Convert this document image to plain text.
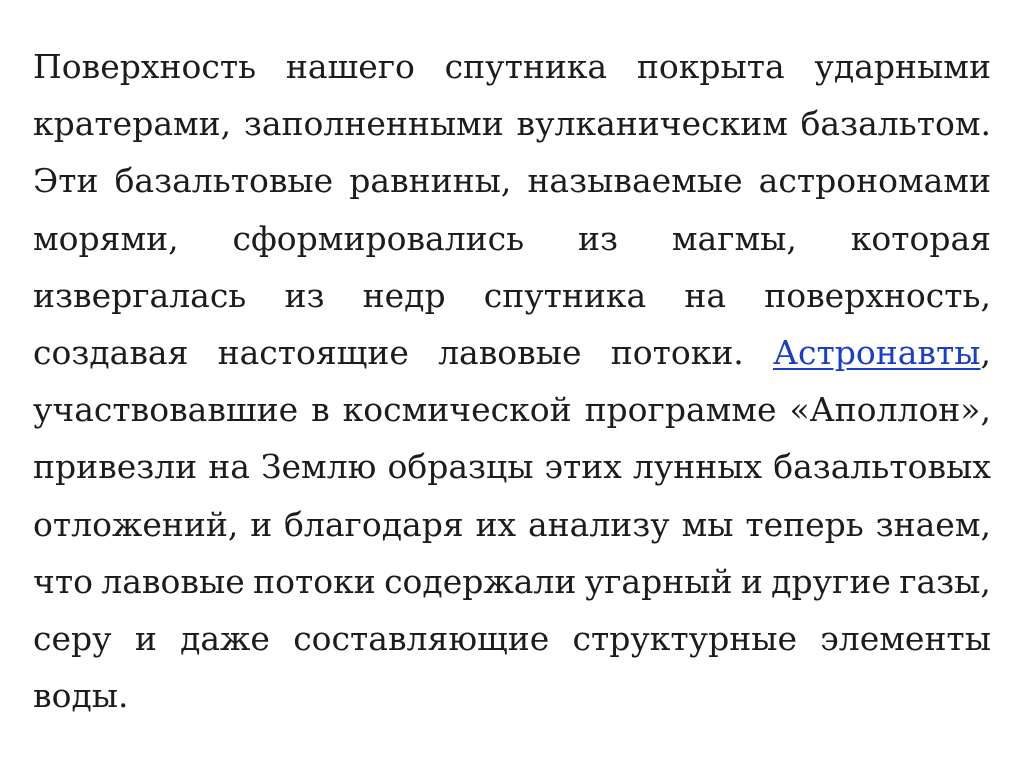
Поверхность нашего спутника покрыта ударными
кратерами, заполненными вулканическим базальтом.
Эти базальтовые равнины, называемые астрономами
морями, сформировались из магмы, которая
извергалась из недр спутника на поверхность,
создавая настоящие лавовые потоки. Астронавты,
участвовавшие в космической программе «Аполлон»,
привезли на Землю образцы этих лунных базальтовых
отложений, и благодаря их анализу мы теперь знаем,
что лавовые потоки содержали угарный и другие газы,
серу и даже составляющие структурные элементы
воды.
